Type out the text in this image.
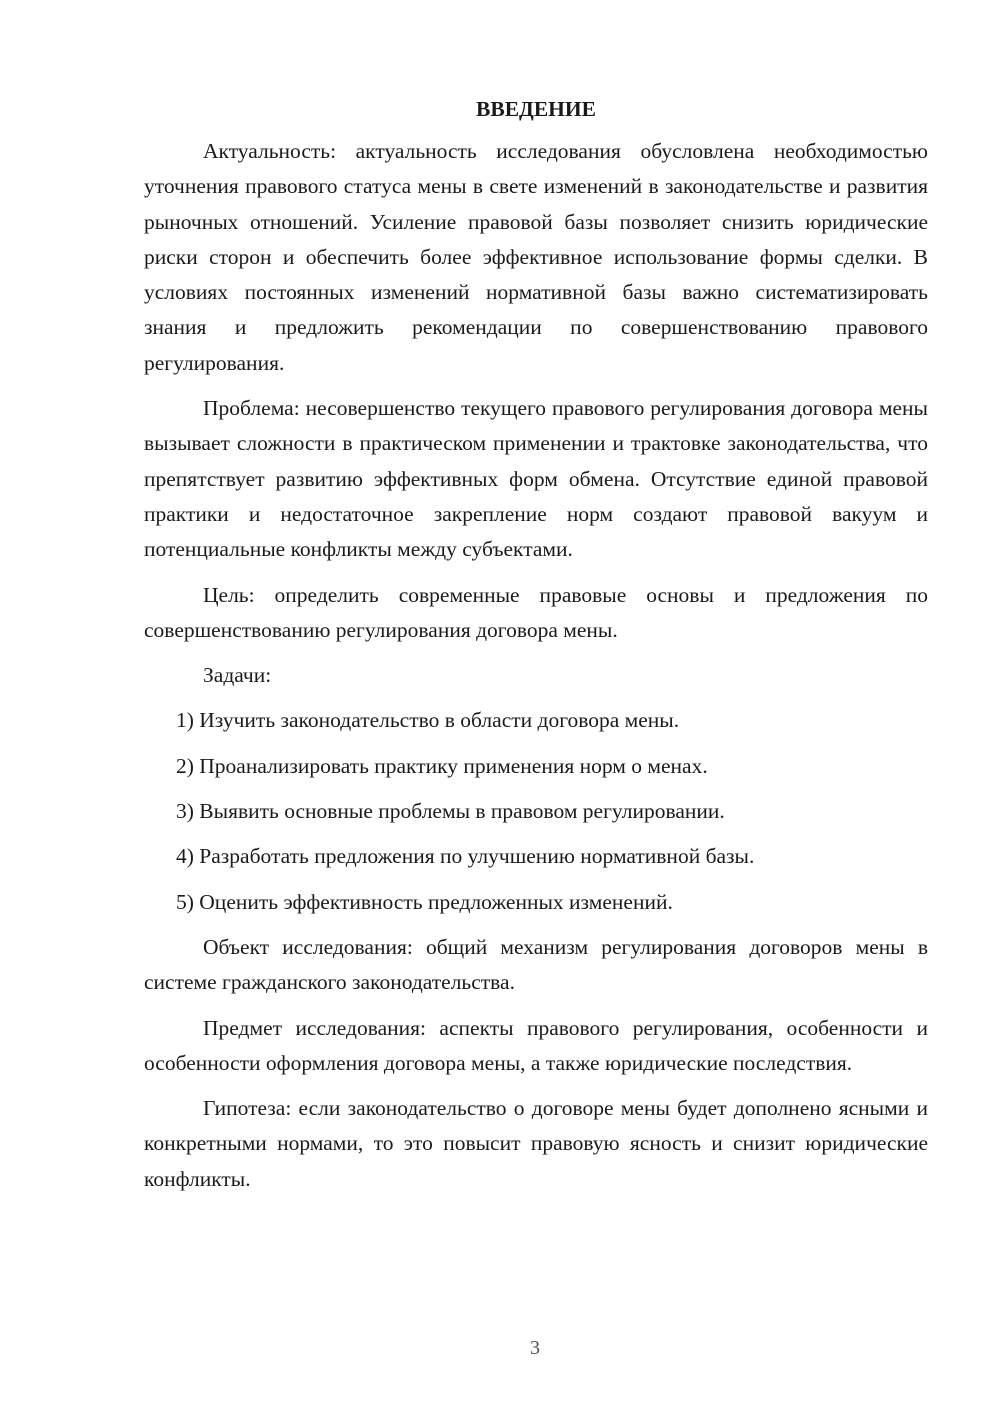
ВВЕДЕНИЕ

Актуальность: актуальность исследования обусловлена необходимостью уточнения правового статуса мены в свете изменений в законодательстве и развития рыночных отношений. Усиление правовой базы позволяет снизить юридические риски сторон и обеспечить более эффективное использование формы сделки. В условиях постоянных изменений нормативной базы важно систематизировать знания и предложить рекомендации по совершенствованию правового регулирования.

Проблема: несовершенство текущего правового регулирования договора мены вызывает сложности в практическом применении и трактовке законодательства, что препятствует развитию эффективных форм обмена. Отсутствие единой правовой практики и недостаточное закрепление норм создают правовой вакуум и потенциальные конфликты между субъектами.

Цель: определить современные правовые основы и предложения по совершенствованию регулирования договора мены.

Задачи:

1) Изучить законодательство в области договора мены.

2) Проанализировать практику применения норм о менах.

3) Выявить основные проблемы в правовом регулировании.

4) Разработать предложения по улучшению нормативной базы.

5) Оценить эффективность предложенных изменений.

Объект исследования: общий механизм регулирования договоров мены в системе гражданского законодательства.

Предмет исследования: аспекты правового регулирования, особенности и особенности оформления договора мены, а также юридические последствия.

Гипотеза: если законодательство о договоре мены будет дополнено ясными и конкретными нормами, то это повысит правовую ясность и снизит юридические конфликты.

3
